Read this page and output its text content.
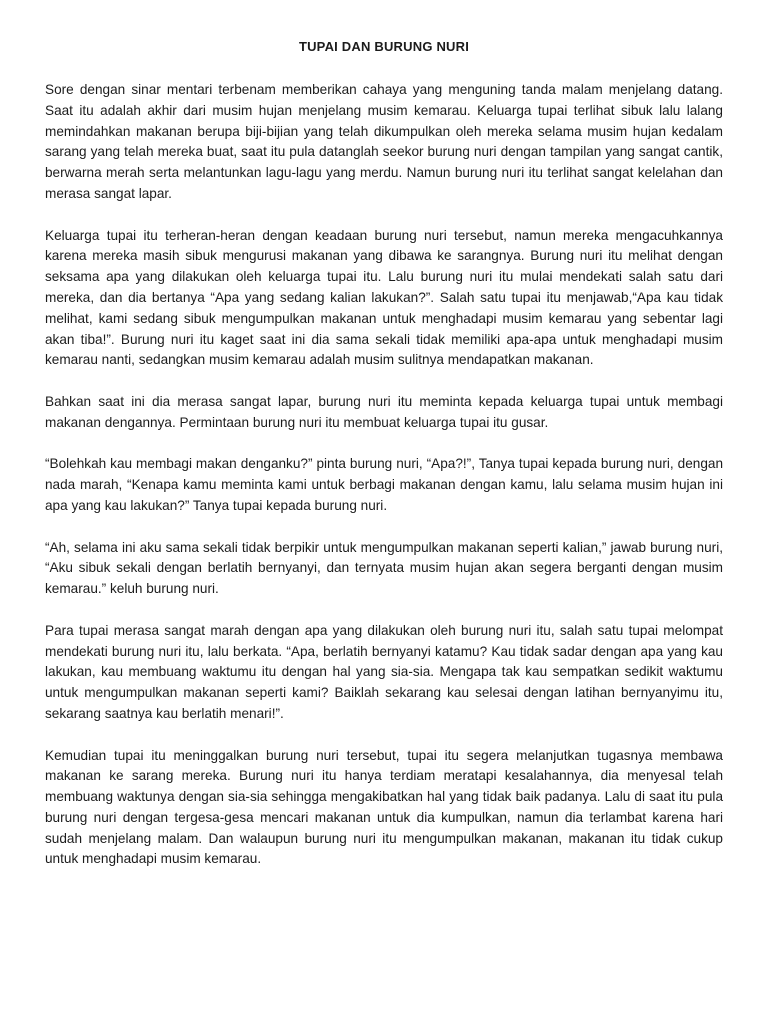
TUPAI DAN BURUNG NURI

Sore dengan sinar mentari terbenam memberikan cahaya yang menguning tanda malam menjelang datang. Saat itu adalah akhir dari musim hujan menjelang musim kemarau. Keluarga tupai terlihat sibuk lalu lalang memindahkan makanan berupa biji-bijian yang telah dikumpulkan oleh mereka selama musim hujan kedalam sarang yang telah mereka buat, saat itu pula datanglah seekor burung nuri dengan tampilan yang sangat cantik, berwarna merah serta melantunkan lagu-lagu yang merdu. Namun burung nuri itu terlihat sangat kelelahan dan merasa sangat lapar.

Keluarga tupai itu terheran-heran dengan keadaan burung nuri tersebut, namun mereka mengacuhkannya karena mereka masih sibuk mengurusi makanan yang dibawa ke sarangnya. Burung nuri itu melihat dengan seksama apa yang dilakukan oleh keluarga tupai itu. Lalu burung nuri itu mulai mendekati salah satu dari mereka, dan dia bertanya “Apa yang sedang kalian lakukan?”. Salah satu tupai itu menjawab,“Apa kau tidak melihat, kami sedang sibuk mengumpulkan makanan untuk menghadapi musim kemarau yang sebentar lagi akan tiba!”. Burung nuri itu kaget saat ini dia sama sekali tidak memiliki apa-apa untuk menghadapi musim kemarau nanti, sedangkan musim kemarau adalah musim sulitnya mendapatkan makanan.

Bahkan saat ini dia merasa sangat lapar, burung nuri itu meminta kepada keluarga tupai untuk membagi makanan dengannya. Permintaan burung nuri itu membuat keluarga tupai itu gusar.

“Bolehkah kau membagi makan denganku?” pinta burung nuri, “Apa?!”, Tanya tupai kepada burung nuri, dengan nada marah, “Kenapa kamu meminta kami untuk berbagi makanan dengan kamu, lalu selama musim hujan ini apa yang kau lakukan?” Tanya tupai kepada burung nuri.

“Ah, selama ini aku sama sekali tidak berpikir untuk mengumpulkan makanan seperti kalian,” jawab burung nuri, “Aku sibuk sekali dengan berlatih bernyanyi, dan ternyata musim hujan akan segera berganti dengan musim kemarau.” keluh burung nuri.

Para tupai merasa sangat marah dengan apa yang dilakukan oleh burung nuri itu, salah satu tupai melompat mendekati burung nuri itu, lalu berkata. “Apa, berlatih bernyanyi katamu? Kau tidak sadar dengan apa yang kau lakukan, kau membuang waktumu itu dengan hal yang sia-sia. Mengapa tak kau sempatkan sedikit waktumu untuk mengumpulkan makanan seperti kami? Baiklah sekarang kau selesai dengan latihan bernyanyimu itu, sekarang saatnya kau berlatih menari!”.

Kemudian tupai itu meninggalkan burung nuri tersebut, tupai itu segera melanjutkan tugasnya membawa makanan ke sarang mereka. Burung nuri itu hanya terdiam meratapi kesalahannya, dia menyesal telah membuang waktunya dengan sia-sia sehingga mengakibatkan hal yang tidak baik padanya. Lalu di saat itu pula burung nuri dengan tergesa-gesa mencari makanan untuk dia kumpulkan, namun dia terlambat karena hari sudah menjelang malam. Dan walaupun burung nuri itu mengumpulkan makanan, makanan itu tidak cukup untuk menghadapi musim kemarau.
